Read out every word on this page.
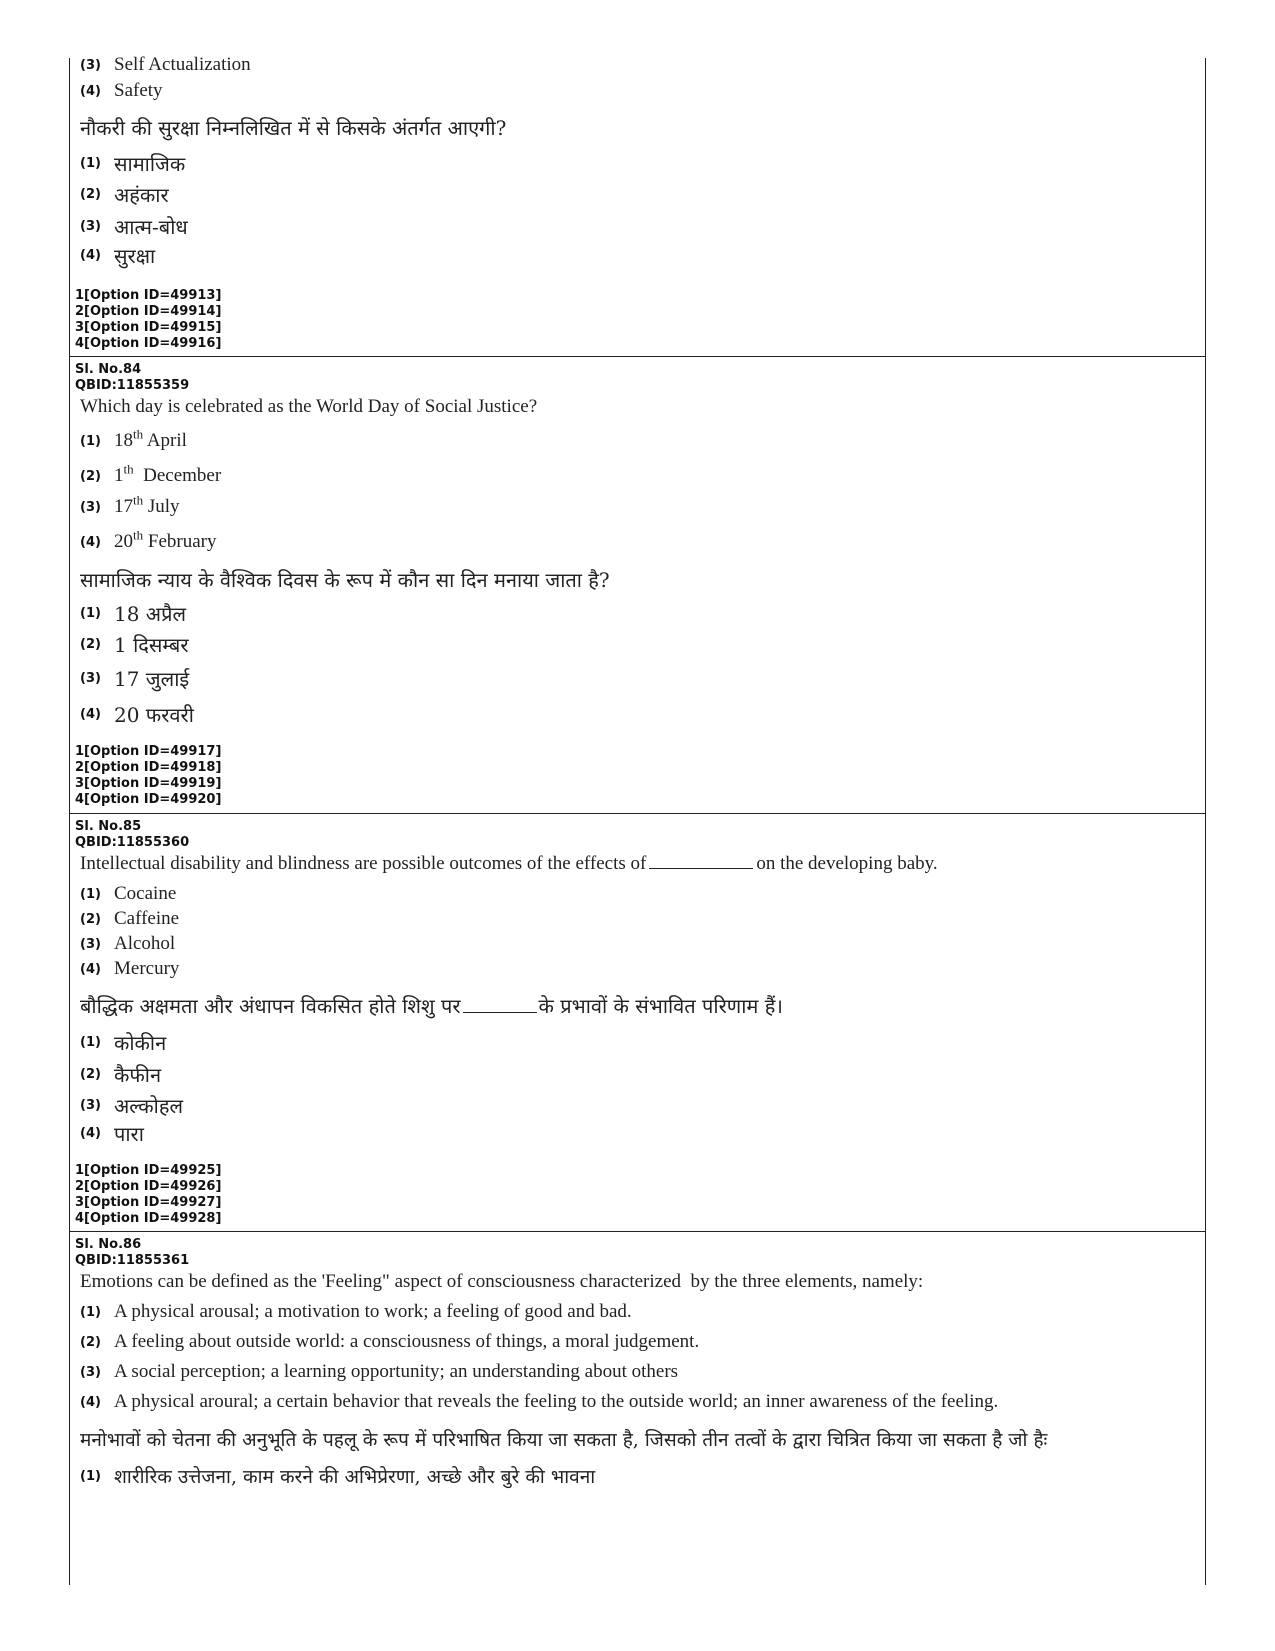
(3) Self Actualization
(4) Safety
नौकरी की सुरक्षा निम्नलिखित में से किसके अंतर्गत आएगी?
(1) सामाजिक
(2) अहंकार
(3) आत्म-बोध
(4) सुरक्षा
1[Option ID=49913]
2[Option ID=49914]
3[Option ID=49915]
4[Option ID=49916]
Sl. No.84
QBID:11855359
Which day is celebrated as the World Day of Social Justice?
(1) 18th April
(2) 1th  December
(3) 17th July
(4) 20th February
सामाजिक न्याय के वैश्विक दिवस के रूप में कौन सा दिन मनाया जाता है?
(1) 18 अप्रैल
(2) 1 दिसम्बर
(3) 17 जुलाई
(4) 20 फरवरी
1[Option ID=49917]
2[Option ID=49918]
3[Option ID=49919]
4[Option ID=49920]
Sl. No.85
QBID:11855360
Intellectual disability and blindness are possible outcomes of the effects of	on the developing baby.
(1) Cocaine
(2) Caffeine
(3) Alcohol
(4) Mercury
बौद्धिक अक्षमता और अंधापन विकसित होते शिशु पर	के प्रभावों के संभावित परिणाम हैं।
(1) कोकीन
(2) कैफीन
(3) अल्कोहल
(4) पारा
1[Option ID=49925]
2[Option ID=49926]
3[Option ID=49927]
4[Option ID=49928]
Sl. No.86
QBID:11855361
Emotions can be defined as the 'Feeling" aspect of consciousness characterized  by the three elements, namely:
(1) A physical arousal; a motivation to work; a feeling of good and bad.
(2) A feeling about outside world: a consciousness of things, a moral judgement.
(3) A social perception; a learning opportunity; an understanding about others
(4) A physical aroural; a certain behavior that reveals the feeling to the outside world; an inner awareness of the feeling.
मनोभावों को चेतना की अनुभूति के पहलू के रूप में परिभाषित किया जा सकता है, जिसको तीन तत्वों के द्वारा चित्रित किया जा सकता है जो हैः
(1) शारीरिक उत्तेजना, काम करने की अभिप्रेरणा, अच्छे और बुरे की भावना
